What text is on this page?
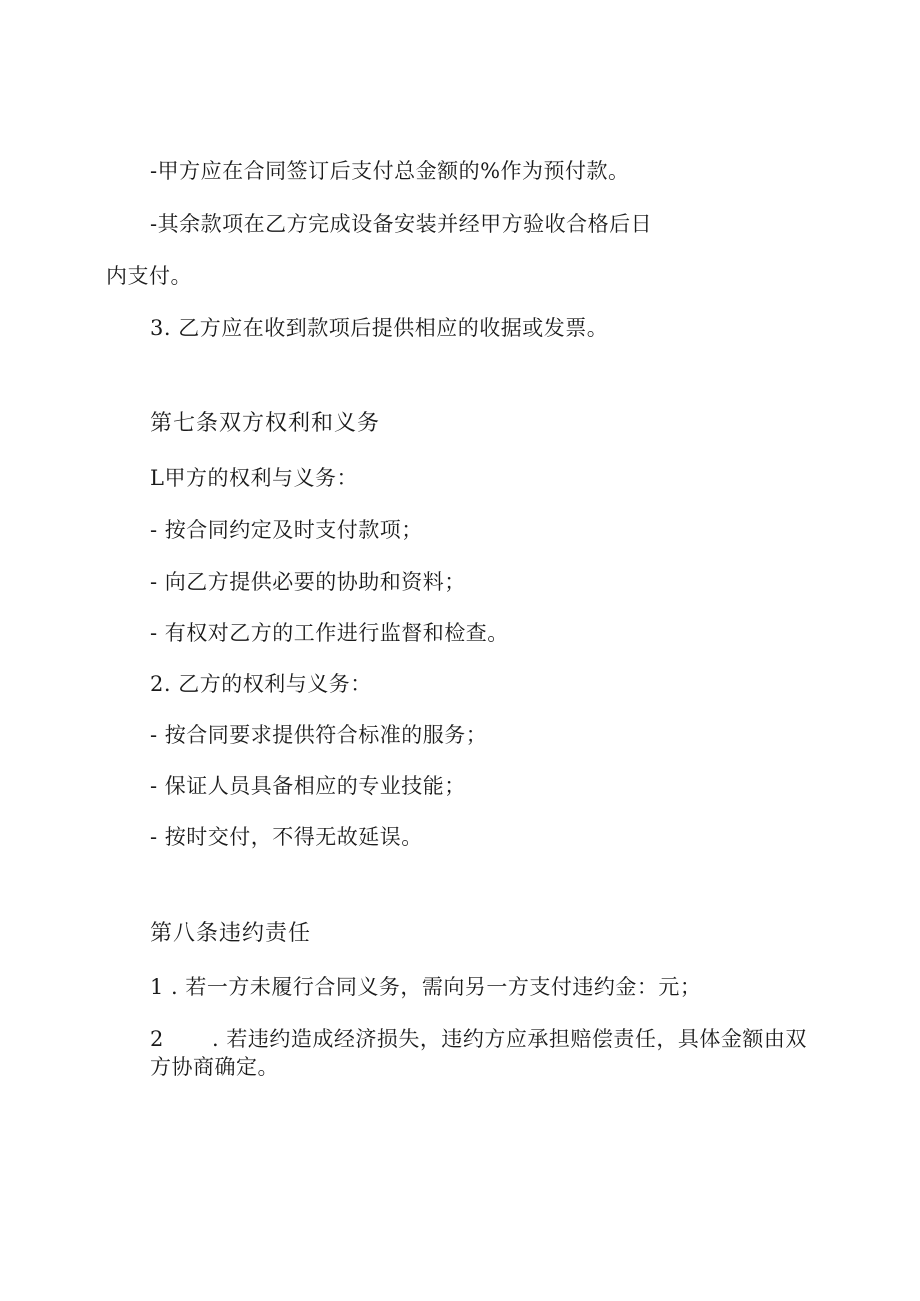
-甲方应在合同签订后支付总金额的%作为预付款。
-其余款项在乙方完成设备安装并经甲方验收合格后日
内支付。
3. 乙方应在收到款项后提供相应的收据或发票。
第七条双方权利和义务
L甲方的权利与义务：
- 按合同约定及时支付款项；
- 向乙方提供必要的协助和资料；
- 有权对乙方的工作进行监督和检查。
2. 乙方的权利与义务：
- 按合同要求提供符合标准的服务；
- 保证人员具备相应的专业技能；
- 按时交付，不得无故延误。
第八条违约责任
1 . 若一方未履行合同义务，需向另一方支付违约金：元；
2 . 若违约造成经济损失，违约方应承担赔偿责任，具体金额由双
方协商确定。
